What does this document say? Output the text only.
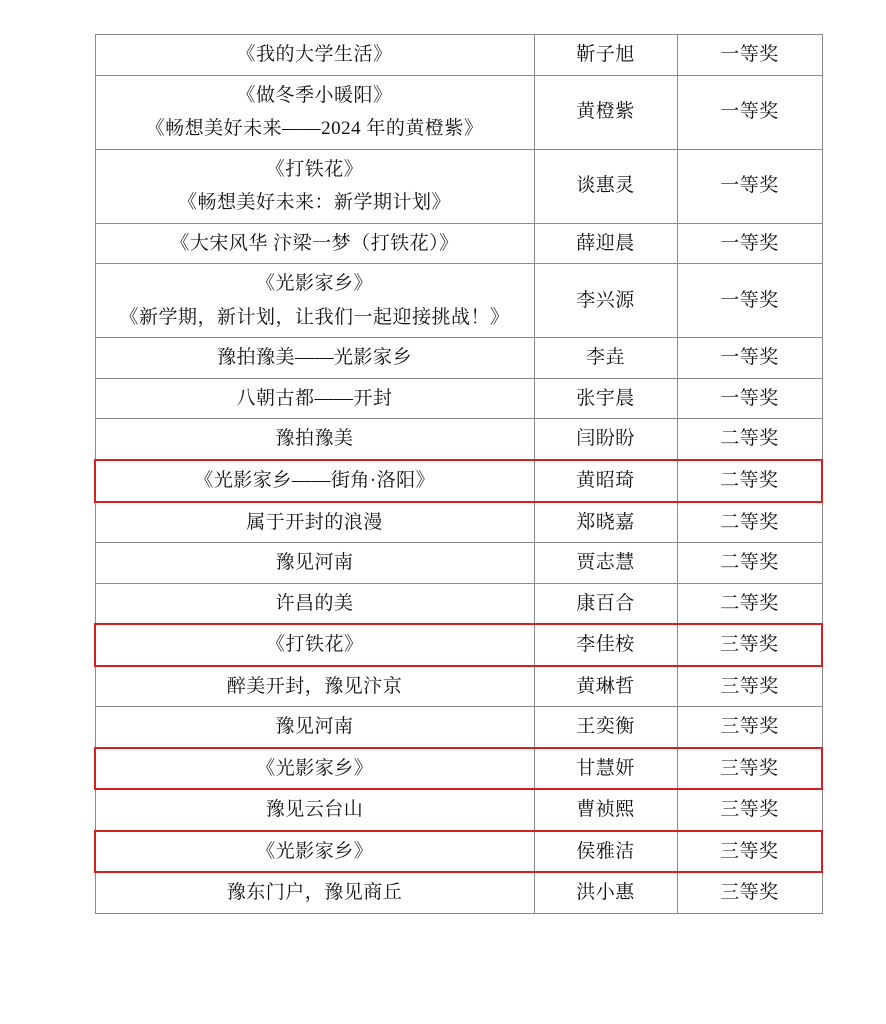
《我的大学生活》	靳子旭	一等奖

《做冬季小暖阳》
《畅想美好未来——2024 年的黄橙紫》	黄橙紫	一等奖

《打铁花》
《畅想美好未来：新学期计划》	谈惠灵	一等奖

《大宋风华 汴梁一梦（打铁花）》	薛迎晨	一等奖

《光影家乡》
《新学期，新计划，让我们一起迎接挑战！》	李兴源	一等奖

豫拍豫美——光影家乡	李垚	一等奖

八朝古都——开封	张宇晨	一等奖

豫拍豫美	闫盼盼	二等奖

《光影家乡——街角·洛阳》	黄昭琦	二等奖

属于开封的浪漫	郑晓嘉	二等奖

豫见河南	贾志慧	二等奖

许昌的美	康百合	二等奖

《打铁花》	李佳桉	三等奖

醉美开封，豫见汴京	黄琳哲	三等奖

豫见河南	王奕衡	三等奖

《光影家乡》	甘慧妍	三等奖

豫见云台山	曹祯熙	三等奖

《光影家乡》	侯雅洁	三等奖

豫东门户，豫见商丘	洪小惠	三等奖
